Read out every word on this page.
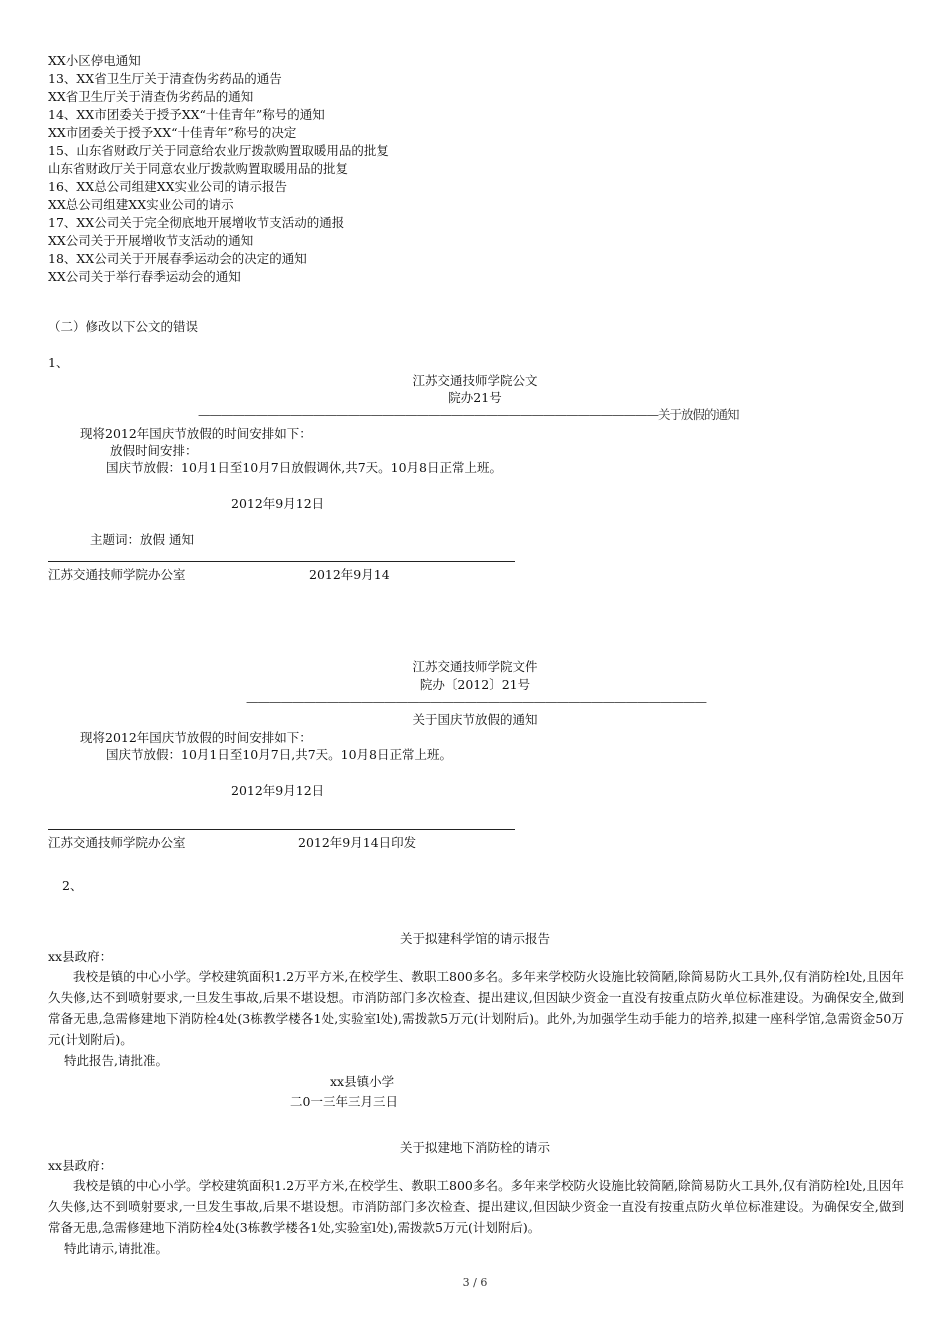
XX小区停电通知
13、XX省卫生厅关于清查伪劣药品的通告
XX省卫生厅关于清查伪劣药品的通知
14、XX市团委关于授予XX“十佳青年”称号的通知
XX市团委关于授予XX“十佳青年”称号的决定
15、山东省财政厅关于同意给农业厅拨款购置取暖用品的批复
山东省财政厅关于同意农业厅拨款购置取暖用品的批复
16、XX总公司组建XX实业公司的请示报告
XX总公司组建XX实业公司的请示
17、XX公司关于完全彻底地开展增收节支活动的通报
XX公司关于开展增收节支活动的通知
18、XX公司关于开展春季运动会的决定的通知
XX公司关于举行春季运动会的通知
（二）修改以下公文的错误
1、
江苏交通技师学院公文
院办21号
————————————————————————————————————————关于放假的通知
现将2012年国庆节放假的时间安排如下：
放假时间安排：
国庆节放假：10月1日至10月7日放假调休,共7天。10月8日正常上班。
2012年9月12日
主题词：放假 通知
江苏交通技师学院办公室	2012年9月14
江苏交通技师学院文件
院办〔2012〕21号
————————————————————————————————————————
关于国庆节放假的通知
现将2012年国庆节放假的时间安排如下：
国庆节放假：10月1日至10月7日,共7天。10月8日正常上班。
2012年9月12日
江苏交通技师学院办公室	2012年9月14日印发
2、
关于拟建科学馆的请示报告
xx县政府：
我校是镇的中心小学。学校建筑面积1.2万平方米,在校学生、教职工800多名。多年来学校防火设施比较简陋,除简易防火工具外,仅有消防栓l处,且因年久失修,达不到喷射要求,一旦发生事故,后果不堪设想。市消防部门多次检查、提出建议,但因缺少资金一直没有按重点防火单位标准建设。为确保安全,做到常备无患,急需修建地下消防栓4处(3栋教学楼各1处,实验室l处),需拨款5万元(计划附后)。此外,为加强学生动手能力的培养,拟建一座科学馆,急需资金50万元(计划附后)。
特此报告,请批准。
xx县镇小学
二0一三年三月三日
关于拟建地下消防栓的请示
xx县政府：
我校是镇的中心小学。学校建筑面积1.2万平方米,在校学生、教职工800多名。多年来学校防火设施比较简陋,除简易防火工具外,仅有消防栓l处,且因年久失修,达不到喷射要求,一旦发生事故,后果不堪设想。市消防部门多次检查、提出建议,但因缺少资金一直没有按重点防火单位标准建设。为确保安全,做到常备无患,急需修建地下消防栓4处(3栋教学楼各1处,实验室l处),需拨款5万元(计划附后)。
特此请示,请批准。
3 / 6
